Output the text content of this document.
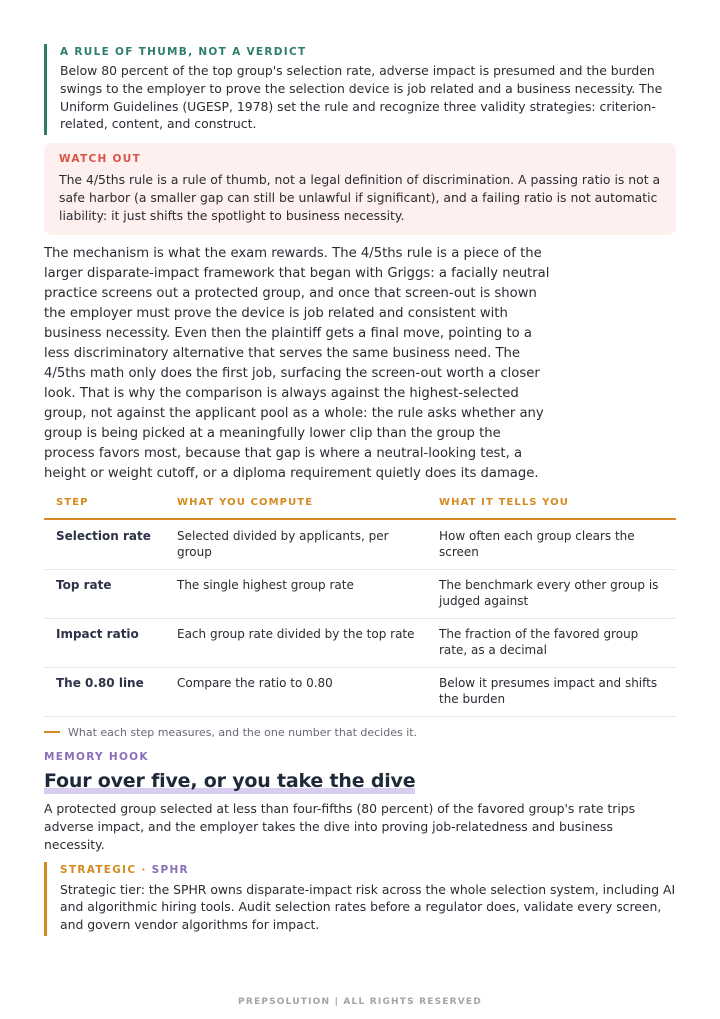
A RULE OF THUMB, NOT A VERDICT

Below 80 percent of the top group's selection rate, adverse impact is presumed and the burden swings to the employer to prove the selection device is job related and a business necessity. The Uniform Guidelines (UGESP, 1978) set the rule and recognize three validity strategies: criterion-related, content, and construct.

WATCH OUT

The 4/5ths rule is a rule of thumb, not a legal definition of discrimination. A passing ratio is not a safe harbor (a smaller gap can still be unlawful if significant), and a failing ratio is not automatic liability: it just shifts the spotlight to business necessity.

The mechanism is what the exam rewards. The 4/5ths rule is a piece of the larger disparate-impact framework that began with Griggs: a facially neutral practice screens out a protected group, and once that screen-out is shown the employer must prove the device is job related and consistent with business necessity. Even then the plaintiff gets a final move, pointing to a less discriminatory alternative that serves the same business need. The 4/5ths math only does the first job, surfacing the screen-out worth a closer look. That is why the comparison is always against the highest-selected group, not against the applicant pool as a whole: the rule asks whether any group is being picked at a meaningfully lower clip than the group the process favors most, because that gap is where a neutral-looking test, a height or weight cutoff, or a diploma requirement quietly does its damage.

STEP	WHAT YOU COMPUTE	WHAT IT TELLS YOU
Selection rate	Selected divided by applicants, per group	How often each group clears the screen
Top rate	The single highest group rate	The benchmark every other group is judged against
Impact ratio	Each group rate divided by the top rate	The fraction of the favored group rate, as a decimal
The 0.80 line	Compare the ratio to 0.80	Below it presumes impact and shifts the burden
What each step measures, and the one number that decides it.
MEMORY HOOK
Four over five, or you take the dive

A protected group selected at less than four-fifths (80 percent) of the favored group's rate trips adverse impact, and the employer takes the dive into proving job-relatedness and business necessity.

STRATEGIC · SPHR

Strategic tier: the SPHR owns disparate-impact risk across the whole selection system, including AI and algorithmic hiring tools. Audit selection rates before a regulator does, validate every screen, and govern vendor algorithms for impact.

PREPSOLUTION | ALL RIGHTS RESERVED
